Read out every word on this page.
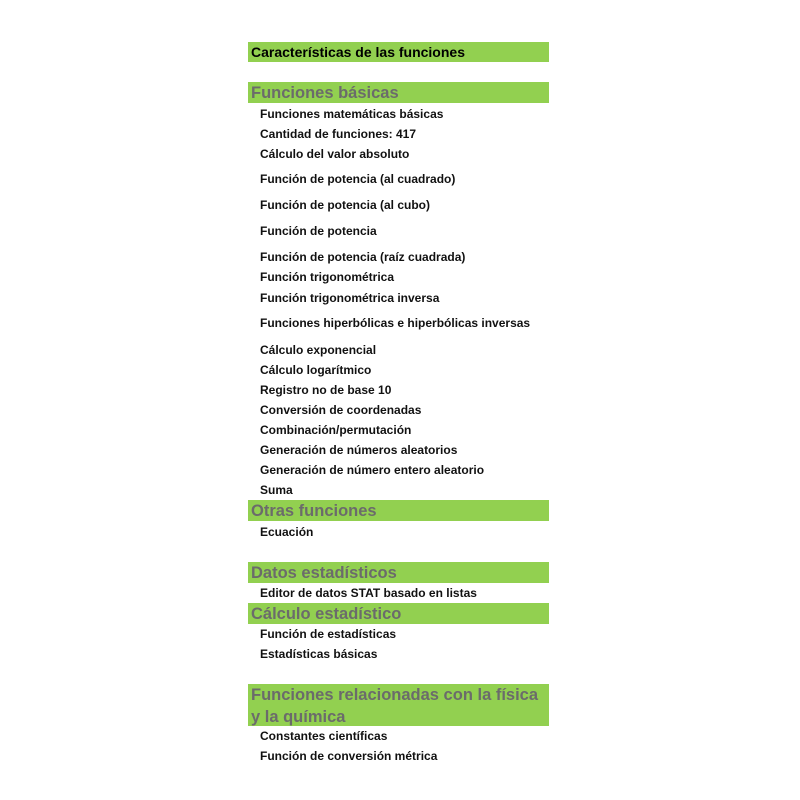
Características de las funciones
Funciones básicas
Funciones matemáticas básicas
Cantidad de funciones: 417
Cálculo del valor absoluto
Función de potencia (al cuadrado)
Función de potencia (al cubo)
Función de potencia
Función de potencia (raíz cuadrada)
Función trigonométrica
Función trigonométrica inversa
Funciones hiperbólicas e hiperbólicas inversas
Cálculo exponencial
Cálculo logarítmico
Registro no de base 10
Conversión de coordenadas
Combinación/permutación
Generación de números aleatorios
Generación de número entero aleatorio
Suma
Otras funciones
Ecuación
Datos estadísticos
Editor de datos STAT basado en listas
Cálculo estadístico
Función de estadísticas
Estadísticas básicas
Funciones relacionadas con la física y la química
Constantes científicas
Función de conversión métrica
